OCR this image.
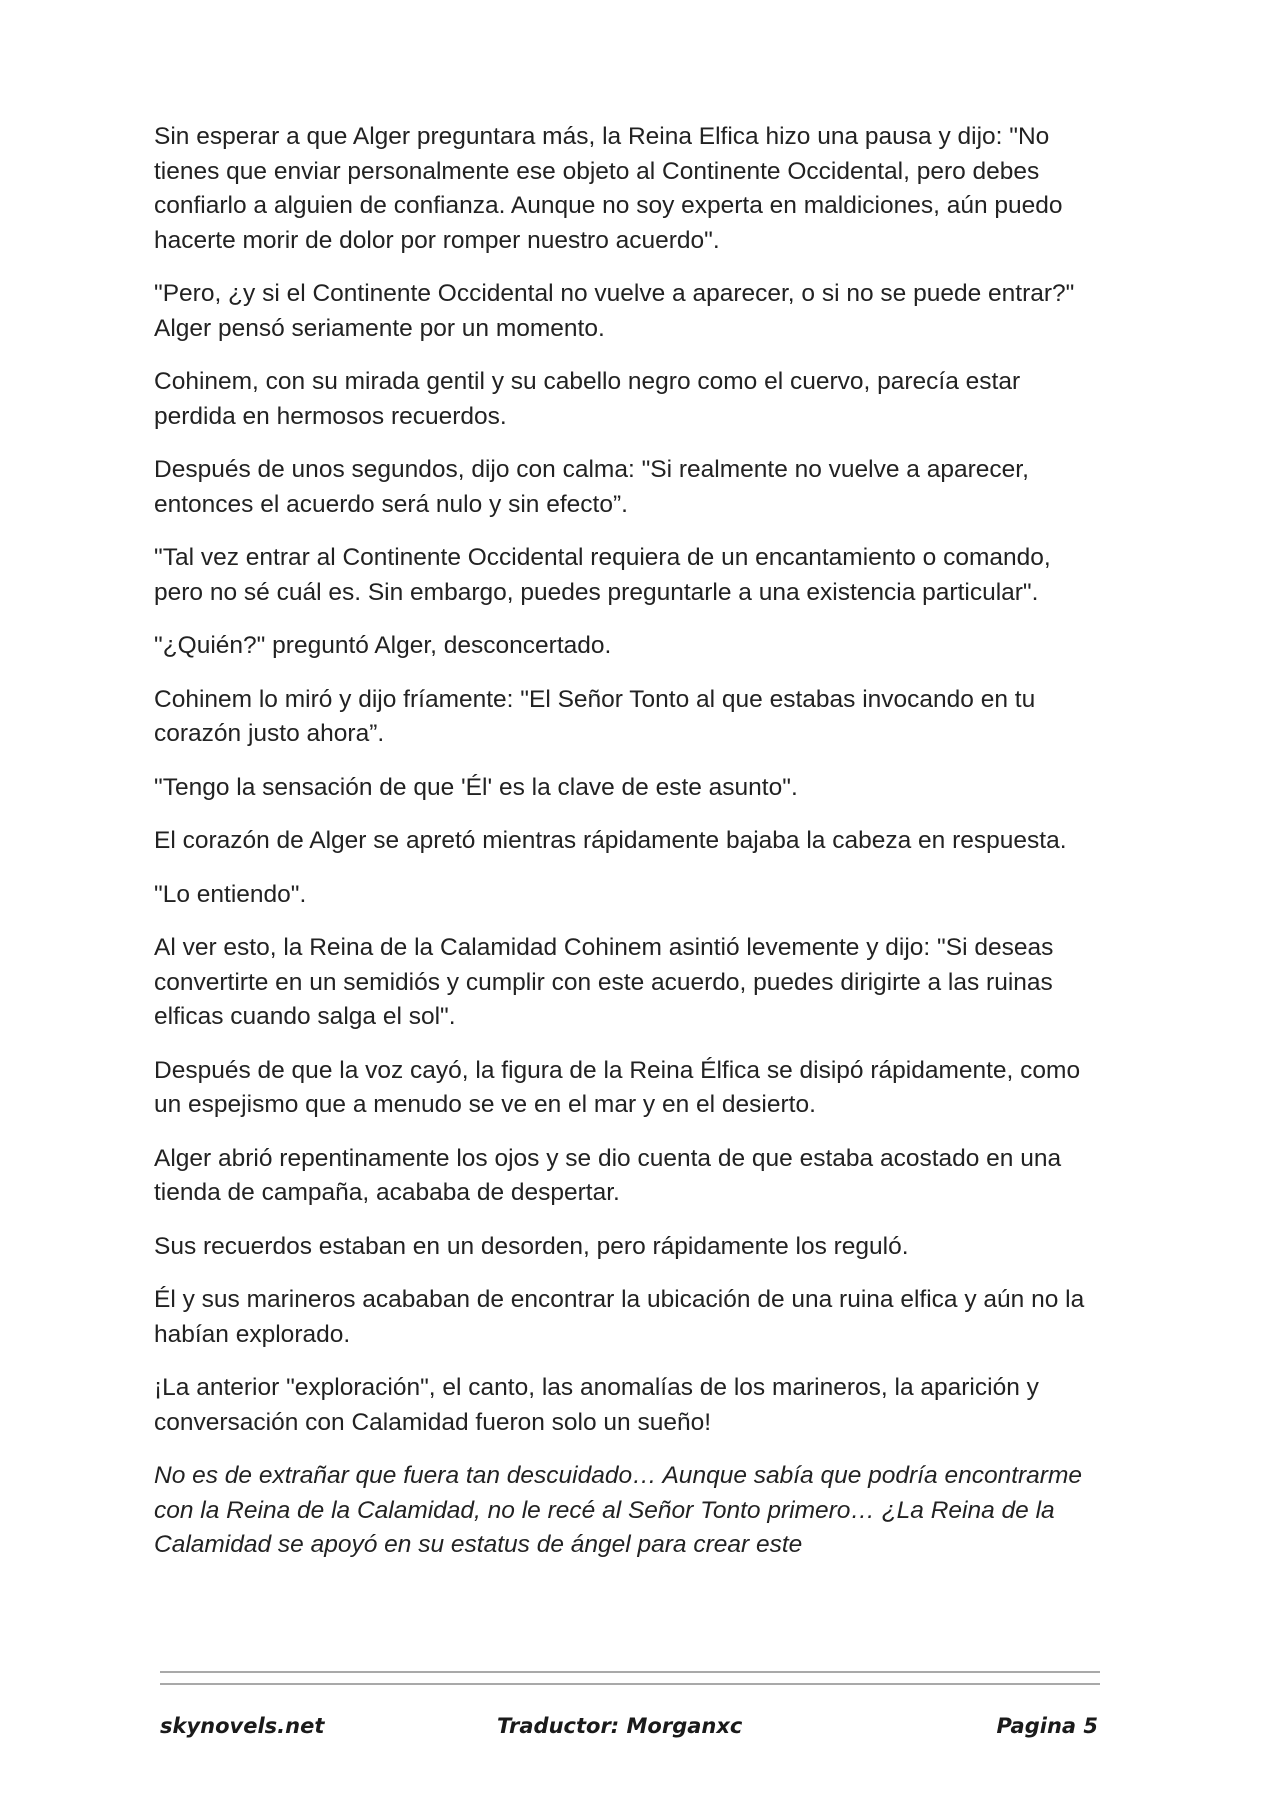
Sin esperar a que Alger preguntara más, la Reina Elfica hizo una pausa y dijo: "No tienes que enviar personalmente ese objeto al Continente Occidental, pero debes confiarlo a alguien de confianza. Aunque no soy experta en maldiciones, aún puedo hacerte morir de dolor por romper nuestro acuerdo".

"Pero, ¿y si el Continente Occidental no vuelve a aparecer, o si no se puede entrar?" Alger pensó seriamente por un momento.

Cohinem, con su mirada gentil y su cabello negro como el cuervo, parecía estar perdida en hermosos recuerdos.

Después de unos segundos, dijo con calma: "Si realmente no vuelve a aparecer, entonces el acuerdo será nulo y sin efecto”.

"Tal vez entrar al Continente Occidental requiera de un encantamiento o comando, pero no sé cuál es. Sin embargo, puedes preguntarle a una existencia particular".

"¿Quién?" preguntó Alger, desconcertado.

Cohinem lo miró y dijo fríamente: "El Señor Tonto al que estabas invocando en tu corazón justo ahora”.

"Tengo la sensación de que 'Él' es la clave de este asunto".

El corazón de Alger se apretó mientras rápidamente bajaba la cabeza en respuesta.

"Lo entiendo".

Al ver esto, la Reina de la Calamidad Cohinem asintió levemente y dijo: "Si deseas convertirte en un semidiós y cumplir con este acuerdo, puedes dirigirte a las ruinas elficas cuando salga el sol".

Después de que la voz cayó, la figura de la Reina Élfica se disipó rápidamente, como un espejismo que a menudo se ve en el mar y en el desierto.

Alger abrió repentinamente los ojos y se dio cuenta de que estaba acostado en una tienda de campaña, acababa de despertar.

Sus recuerdos estaban en un desorden, pero rápidamente los reguló.

Él y sus marineros acababan de encontrar la ubicación de una ruina elfica y aún no la habían explorado.

¡La anterior "exploración", el canto, las anomalías de los marineros, la aparición y conversación con Calamidad fueron solo un sueño!

No es de extrañar que fuera tan descuidado… Aunque sabía que podría encontrarme con la Reina de la Calamidad, no le recé al Señor Tonto primero… ¿La Reina de la Calamidad se apoyó en su estatus de ángel para crear este

skynovels.net	Traductor: Morganxc	Pagina 5
